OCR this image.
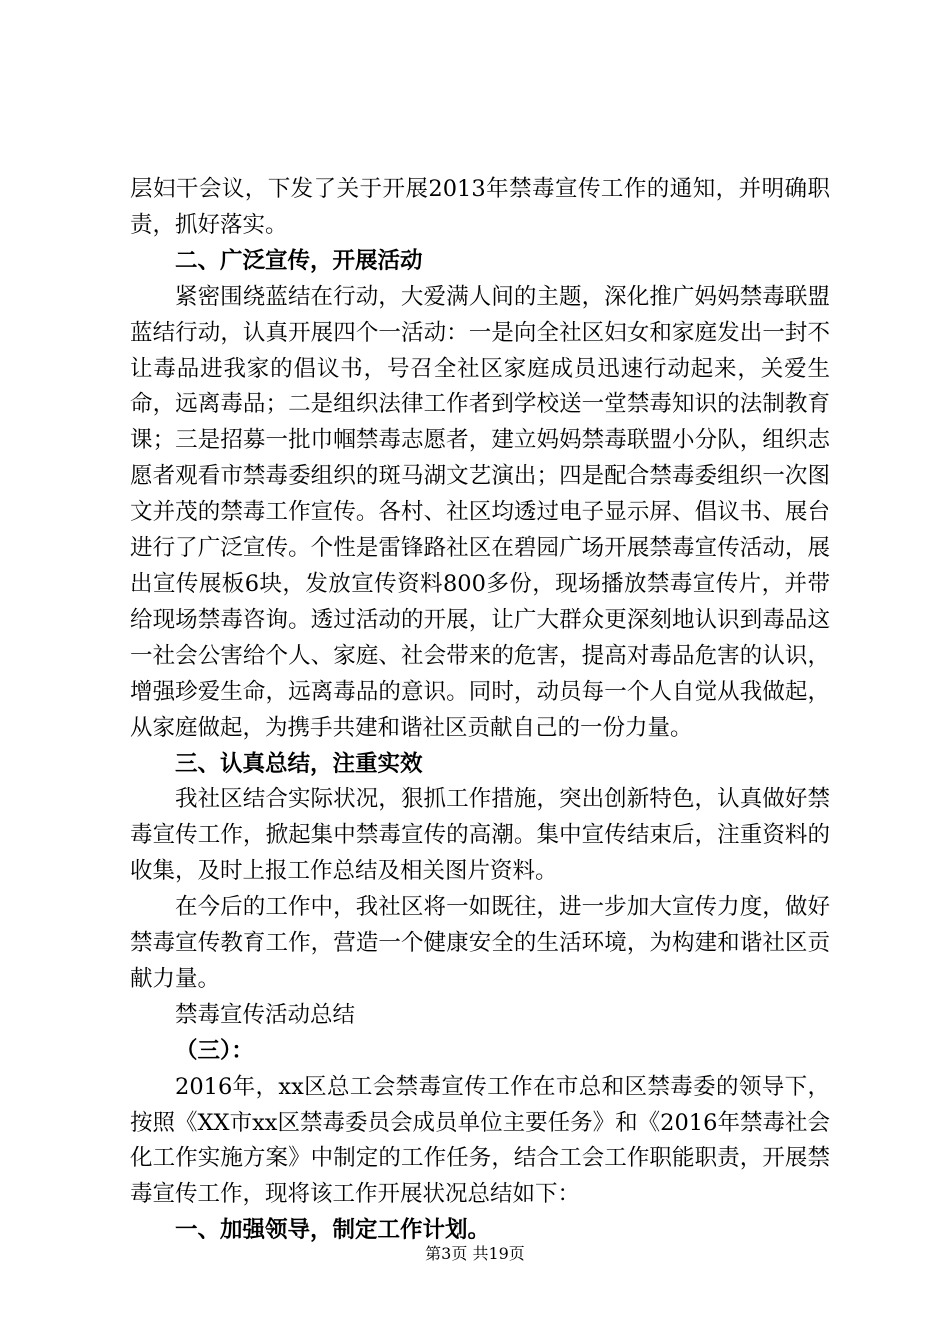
层妇干会议，下发了关于开展2013年禁毒宣传工作的通知，并明确职责，抓好落实。

二、广泛宣传，开展活动

紧密围绕蓝结在行动，大爱满人间的主题，深化推广妈妈禁毒联盟蓝结行动，认真开展四个一活动：一是向全社区妇女和家庭发出一封不让毒品进我家的倡议书，号召全社区家庭成员迅速行动起来，关爱生命，远离毒品；二是组织法律工作者到学校送一堂禁毒知识的法制教育课；三是招募一批巾帼禁毒志愿者，建立妈妈禁毒联盟小分队，组织志愿者观看市禁毒委组织的斑马湖文艺演出；四是配合禁毒委组织一次图文并茂的禁毒工作宣传。各村、社区均透过电子显示屏、倡议书、展台进行了广泛宣传。个性是雷锋路社区在碧园广场开展禁毒宣传活动，展出宣传展板6块，发放宣传资料800多份，现场播放禁毒宣传片，并带给现场禁毒咨询。透过活动的开展，让广大群众更深刻地认识到毒品这一社会公害给个人、家庭、社会带来的危害，提高对毒品危害的认识，增强珍爱生命，远离毒品的意识。同时，动员每一个人自觉从我做起，从家庭做起，为携手共建和谐社区贡献自己的一份力量。

三、认真总结，注重实效

我社区结合实际状况，狠抓工作措施，突出创新特色，认真做好禁毒宣传工作，掀起集中禁毒宣传的高潮。集中宣传结束后，注重资料的收集，及时上报工作总结及相关图片资料。

在今后的工作中，我社区将一如既往，进一步加大宣传力度，做好禁毒宣传教育工作，营造一个健康安全的生活环境，为构建和谐社区贡献力量。

禁毒宣传活动总结

（三）：

2016年，xx区总工会禁毒宣传工作在市总和区禁毒委的领导下，按照《XX市xx区禁毒委员会成员单位主要任务》和《2016年禁毒社会化工作实施方案》中制定的工作任务，结合工会工作职能职责，开展禁毒宣传工作，现将该工作开展状况总结如下：

一、加强领导，制定工作计划。

第3页 共19页
